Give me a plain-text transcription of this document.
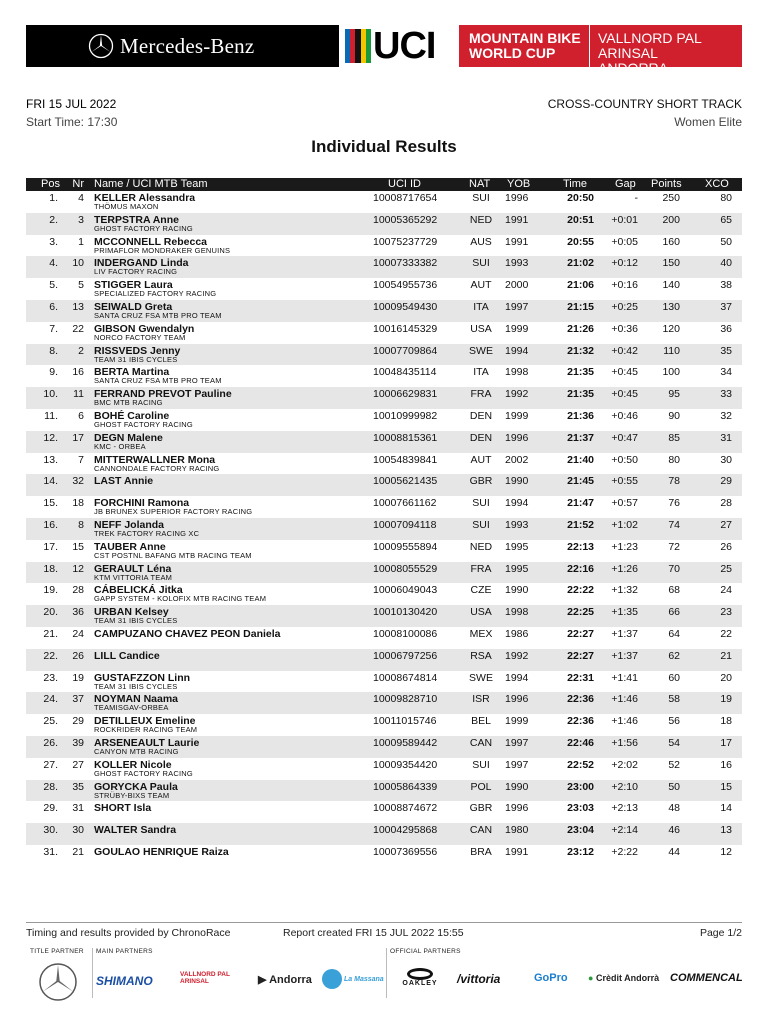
Mercedes-Benz	UCI MOUNTAIN BIKE
WORLD CUP
VALLNORD PAL ARINSAL
ANDORRA
FRI 15 JUL 2022
Start Time: 17:30
CROSS-COUNTRY SHORT TRACK
Women Elite
Individual Results
Pos	Nr Name / UCI MTB Team	UCI ID	NAT YOB	Time	Gap Points XCO
1.	4 KELLER Alessandra
THÖMUS MAXON
10008717654	SUI	1996	20:50	-	250	80
2.	3 TERPSTRA Anne
GHOST FACTORY RACING
10005365292	NED	1991	20:51	+0:01	200	65
3.	1 MCCONNELL Rebecca
PRIMAFLOR MONDRAKER GENUINS
10075237729	AUS	1991	20:55	+0:05	160	50
4.	10 INDERGAND Linda
LIV FACTORY RACING
10007333382	SUI	1993	21:02	+0:12	150	40
5.	5 STIGGER Laura
SPECIALIZED FACTORY RACING
10054955736	AUT	2000	21:06	+0:16	140	38
6.	13 SEIWALD Greta
SANTA CRUZ FSA MTB PRO TEAM
10009549430	ITA	1997	21:15	+0:25	130	37
7.	22 GIBSON Gwendalyn
NORCO FACTORY TEAM
10016145329	USA	1999	21:26	+0:36	120	36
8.	2 RISSVEDS Jenny
TEAM 31 IBIS CYCLES
10007709864	SWE 1994	21:32	+0:42	110	35
9.	16 BERTA Martina
SANTA CRUZ FSA MTB PRO TEAM
10048435114	ITA	1998	21:35	+0:45	100	34
10.	11 FERRAND PREVOT Pauline
BMC MTB RACING
10006629831	FRA	1992	21:35	+0:45	95	33
11.	6 BOHÉ Caroline
GHOST FACTORY RACING
10010999982	DEN	1999	21:36	+0:46	90	32
12.	17 DEGN Malene
KMC - ORBEA
10008815361	DEN	1996	21:37	+0:47	85	31
13.	7 MITTERWALLNER Mona
CANNONDALE FACTORY RACING
10054839841	AUT	2002	21:40	+0:50	80	30
14.	32 LAST Annie	10005621435	GBR	1990	21:45	+0:55	78	29
15.	18 FORCHINI Ramona
JB BRUNEX SUPERIOR FACTORY RACING
10007661162	SUI	1994	21:47	+0:57	76	28
16.	8 NEFF Jolanda
TREK FACTORY RACING XC
10007094118	SUI	1993	21:52	+1:02	74	27
17.	15 TAUBER Anne
CST POSTNL BAFANG MTB RACING TEAM
10009555894	NED	1995	22:13	+1:23	72	26
18.	12 GERAULT Léna
KTM VITTORIA TEAM
10008055529	FRA	1995	22:16	+1:26	70	25
19.	28 CÁBELICKÁ Jitka
GAPP SYSTEM - KOLOFIX MTB RACING TEAM
10006049043	CZE	1990	22:22	+1:32	68	24
20.	36 URBAN Kelsey
TEAM 31 IBIS CYCLES
10010130420	USA	1998	22:25	+1:35	66	23
21.	24 CAMPUZANO CHAVEZ PEON Daniela	10008100086	MEX	1986	22:27	+1:37	64	22
22.	26 LILL Candice	10006797256	RSA	1992	22:27	+1:37	62	21
23.	19 GUSTAFZZON Linn
TEAM 31 IBIS CYCLES
10008674814	SWE 1994	22:31	+1:41	60	20
24.	37 NOYMAN Naama
TEAMISGAV-ORBEA
10009828710	ISR	1996	22:36	+1:46	58	19
25.	29 DETILLEUX Emeline
ROCKRIDER RACING TEAM
10011015746	BEL	1999	22:36	+1:46	56	18
26.	39 ARSENEAULT Laurie
CANYON MTB RACING
10009589442	CAN	1997	22:46	+1:56	54	17
27.	27 KOLLER Nicole
GHOST FACTORY RACING
10009354420	SUI	1997	22:52	+2:02	52	16
28.	35 GORYCKA Paula
STRÜBY-BIXS TEAM
10005864339	POL	1990	23:00	+2:10	50	15
29.	31 SHORT Isla	10008874672	GBR	1996	23:03	+2:13	48	14
30.	30 WALTER Sandra	10004295868	CAN	1980	23:04	+2:14	46	13
31.	21 GOULAO HENRIQUE Raiza	10007369556	BRA	1991	23:12	+2:22	44	12
Timing and results provided by ChronoRace	Report created FRI 15 JUL 2022 15:55	Page 1/2
TITLE PARTNER MAIN PARTNERS	OFFICIAL PARTNERS
SHIMANO	VALLNORD PAL ARINSAL	▶ Andorra	La Massana
OAKLEY	/vittoria	GoPro ● Crèdit Andorrà COMMENCAL
